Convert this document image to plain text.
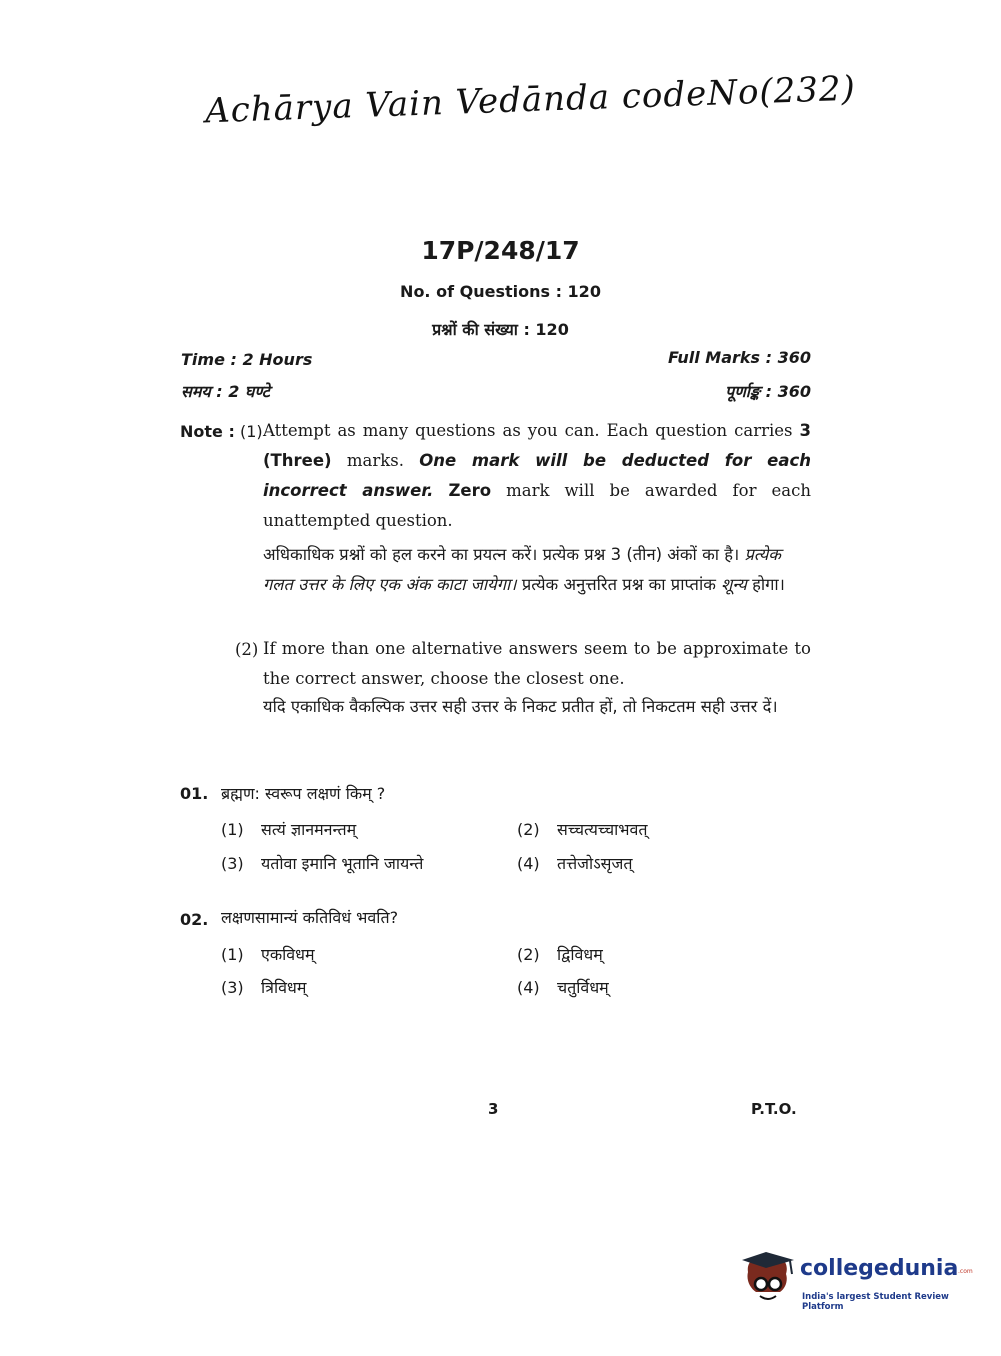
Achārya Vain Vedānda codeNo(232)
17P/248/17
No. of Questions : 120
प्रश्नों की संख्या : 120
Time : 2 Hours
समय : 2 घण्टे
Full Marks : 360
पूर्णाङ्क : 360
Note : (1) Attempt as many questions as you can. Each question carries 3 (Three) marks. One mark will be deducted for each incorrect answer. Zero mark will be awarded for each unattempted question.
अधिकाधिक प्रश्नों को हल करने का प्रयत्न करें। प्रत्येक प्रश्न 3 (तीन) अंकों का है। प्रत्येक गलत उत्तर के लिए एक अंक काटा जायेगा। प्रत्येक अनुत्तरित प्रश्न का प्राप्तांक शून्य होगा।
(2) If more than one alternative answers seem to be approximate to the correct answer, choose the closest one.
यदि एकाधिक वैकल्पिक उत्तर सही उत्तर के निकट प्रतीत हों, तो निकटतम सही उत्तर दें।
01. ब्रह्मण: स्वरूप लक्षणं किम् ?
(1) सत्यं ज्ञानमनन्तम्	(2) सच्चत्यच्चाभवत्
(3) यतोवा इमानि भूतानि जायन्ते	(4) तत्तेजोऽसृजत्
02. लक्षणसामान्यं कतिविधं भवति?
(1) एकविधम्	(2) द्विविधम्
(3) त्रिविधम्	(4) चतुर्विधम्
3	P.T.O.
collegedunia .com
India's largest Student Review Platform
